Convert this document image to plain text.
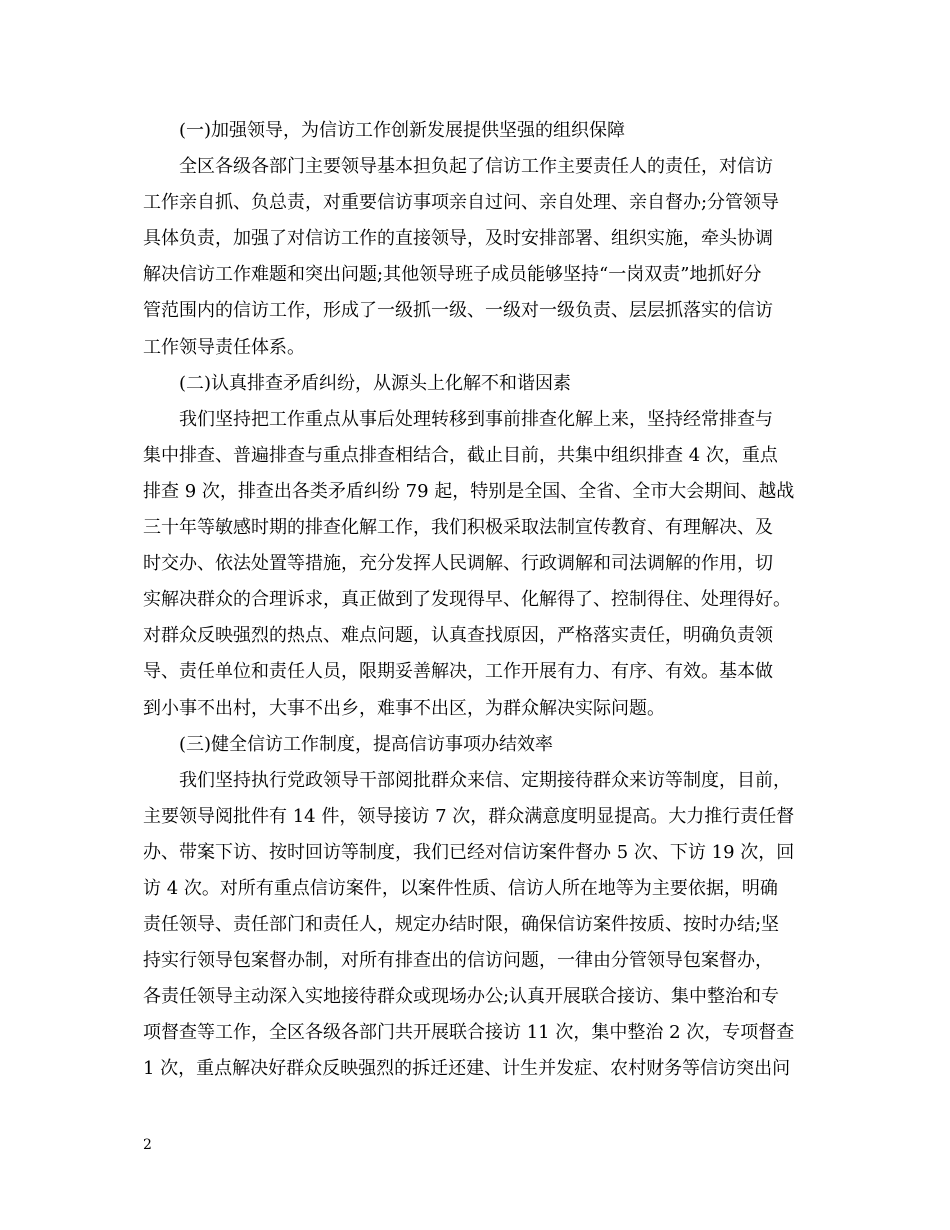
(一)加强领导，为信访工作创新发展提供坚强的组织保障
全区各级各部门主要领导基本担负起了信访工作主要责任人的责任，对信访
工作亲自抓、负总责，对重要信访事项亲自过问、亲自处理、亲自督办;分管领导
具体负责，加强了对信访工作的直接领导，及时安排部署、组织实施，牵头协调
解决信访工作难题和突出问题;其他领导班子成员能够坚持“一岗双责”地抓好分
管范围内的信访工作，形成了一级抓一级、一级对一级负责、层层抓落实的信访
工作领导责任体系。
(二)认真排查矛盾纠纷，从源头上化解不和谐因素
我们坚持把工作重点从事后处理转移到事前排查化解上来，坚持经常排查与
集中排查、普遍排查与重点排查相结合，截止目前，共集中组织排查 4 次，重点
排查 9 次，排查出各类矛盾纠纷 79 起，特别是全国、全省、全市大会期间、越战
三十年等敏感时期的排查化解工作，我们积极采取法制宣传教育、有理解决、及
时交办、依法处置等措施，充分发挥人民调解、行政调解和司法调解的作用，切
实解决群众的合理诉求，真正做到了发现得早、化解得了、控制得住、处理得好。
对群众反映强烈的热点、难点问题，认真查找原因，严格落实责任，明确负责领
导、责任单位和责任人员，限期妥善解决，工作开展有力、有序、有效。基本做
到小事不出村，大事不出乡，难事不出区，为群众解决实际问题。
(三)健全信访工作制度，提高信访事项办结效率
我们坚持执行党政领导干部阅批群众来信、定期接待群众来访等制度，目前，
主要领导阅批件有 14 件，领导接访 7 次，群众满意度明显提高。大力推行责任督
办、带案下访、按时回访等制度，我们已经对信访案件督办 5 次、下访 19 次，回
访 4 次。对所有重点信访案件，以案件性质、信访人所在地等为主要依据，明确
责任领导、责任部门和责任人，规定办结时限，确保信访案件按质、按时办结;坚
持实行领导包案督办制，对所有排查出的信访问题，一律由分管领导包案督办，
各责任领导主动深入实地接待群众或现场办公;认真开展联合接访、集中整治和专
项督查等工作，全区各级各部门共开展联合接访 11 次，集中整治 2 次，专项督查
1 次，重点解决好群众反映强烈的拆迁还建、计生并发症、农村财务等信访突出问
2
